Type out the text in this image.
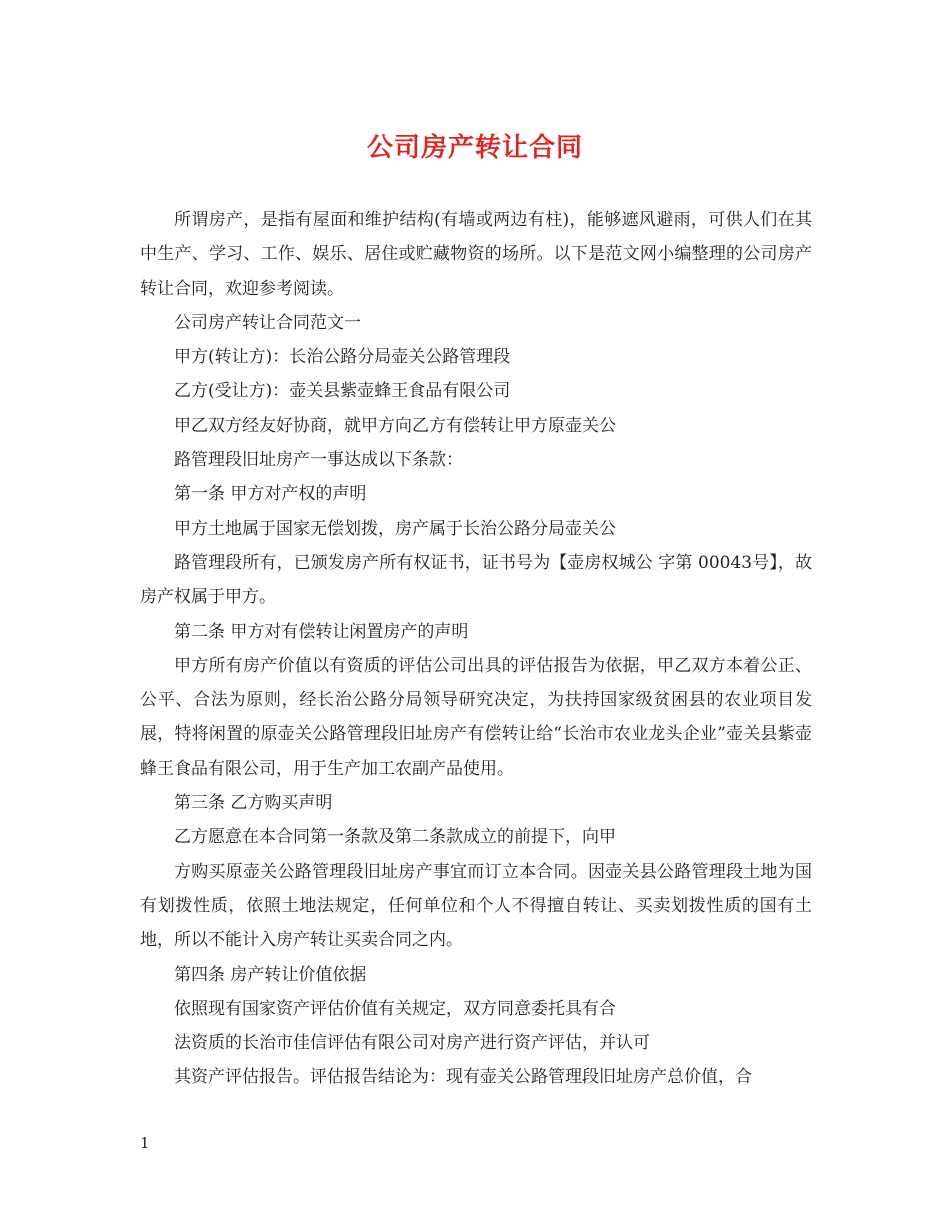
公司房产转让合同

所谓房产，是指有屋面和维护结构(有墙或两边有柱)，能够遮风避雨，可供人们在其中生产、学习、工作、娱乐、居住或贮藏物资的场所。以下是范文网小编整理的公司房产转让合同，欢迎参考阅读。

公司房产转让合同范文一

甲方(转让方)：长治公路分局壶关公路管理段

乙方(受让方)：壶关县紫壶蜂王食品有限公司

甲乙双方经友好协商，就甲方向乙方有偿转让甲方原壶关公

路管理段旧址房产一事达成以下条款：

第一条 甲方对产权的声明

甲方土地属于国家无偿划拨，房产属于长治公路分局壶关公

路管理段所有，已颁发房产所有权证书，证书号为【壶房权城公 字第 00043号】，故房产权属于甲方。

第二条 甲方对有偿转让闲置房产的声明

甲方所有房产价值以有资质的评估公司出具的评估报告为依据，甲乙双方本着公正、公平、合法为原则，经长治公路分局领导研究决定，为扶持国家级贫困县的农业项目发展，特将闲置的原壶关公路管理段旧址房产有偿转让给“长治市农业龙头企业”壶关县紫壶蜂王食品有限公司，用于生产加工农副产品使用。

第三条 乙方购买声明

乙方愿意在本合同第一条款及第二条款成立的前提下，向甲

方购买原壶关公路管理段旧址房产事宜而订立本合同。因壶关县公路管理段土地为国有划拨性质，依照土地法规定，任何单位和个人不得擅自转让、买卖划拨性质的国有土地，所以不能计入房产转让买卖合同之内。

第四条 房产转让价值依据

依照现有国家资产评估价值有关规定，双方同意委托具有合

法资质的长治市佳信评估有限公司对房产进行资产评估，并认可

其资产评估报告。评估报告结论为：现有壶关公路管理段旧址房产总价值，合

1
